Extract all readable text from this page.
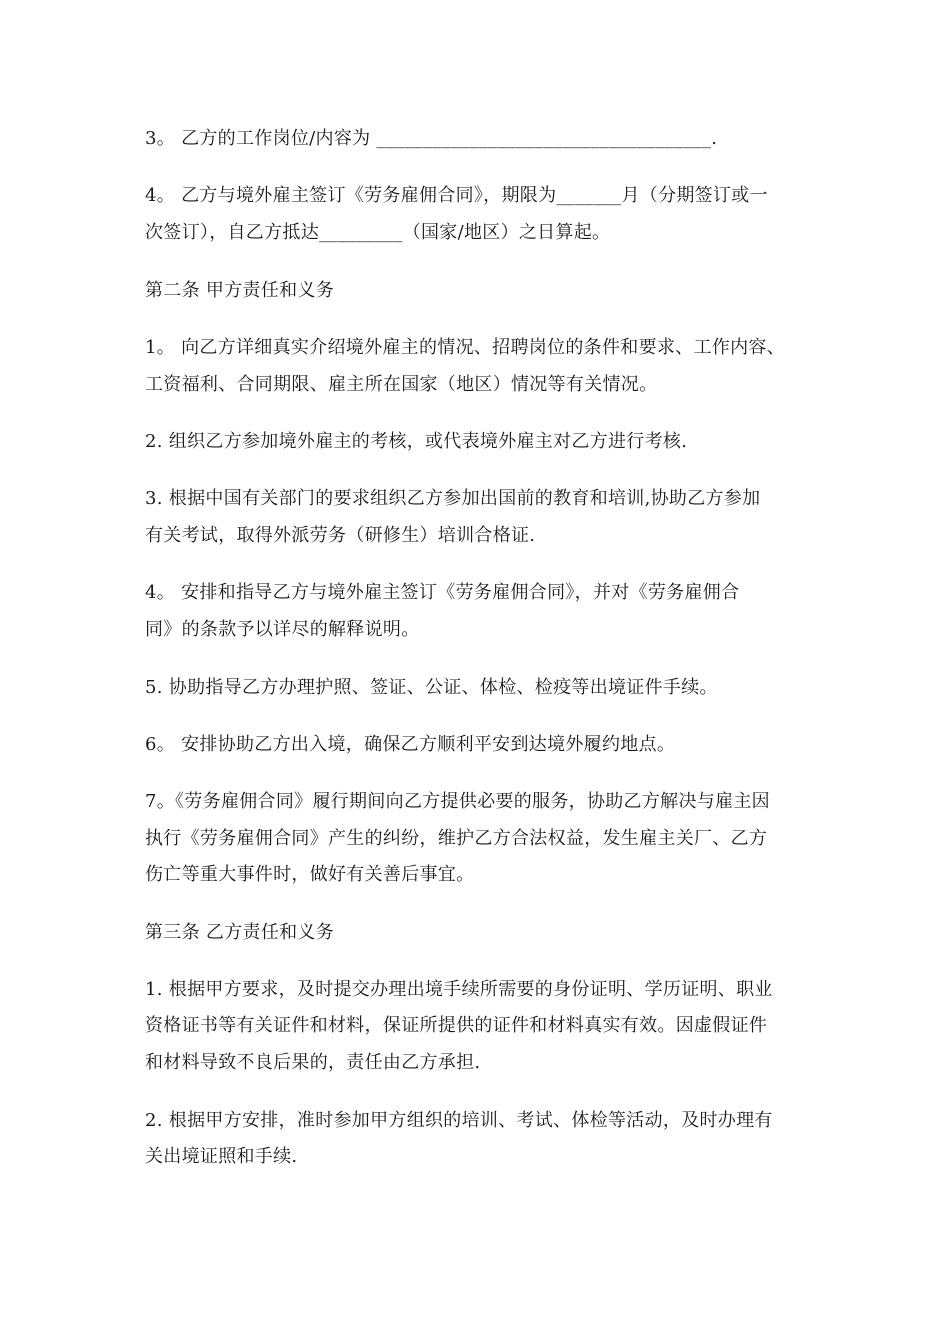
3。 乙方的工作岗位/内容为 ____________________________________.
4。 乙方与境外雇主签订《劳务雇佣合同》，期限为_______月（分期签订或一
次签订），自乙方抵达_________（国家/地区）之日算起。
第二条 甲方责任和义务
1。 向乙方详细真实介绍境外雇主的情况、招聘岗位的条件和要求、工作内容、
工资福利、合同期限、雇主所在国家（地区）情况等有关情况。
2. 组织乙方参加境外雇主的考核，或代表境外雇主对乙方进行考核.
3. 根据中国有关部门的要求组织乙方参加出国前的教育和培训,协助乙方参加
有关考试，取得外派劳务（研修生）培训合格证.
4。 安排和指导乙方与境外雇主签订《劳务雇佣合同》，并对《劳务雇佣合
同》的条款予以详尽的解释说明。
5. 协助指导乙方办理护照、签证、公证、体检、检疫等出境证件手续。
6。 安排协助乙方出入境，确保乙方顺利平安到达境外履约地点。
7。《劳务雇佣合同》履行期间向乙方提供必要的服务，协助乙方解决与雇主因
执行《劳务雇佣合同》产生的纠纷，维护乙方合法权益，发生雇主关厂、乙方
伤亡等重大事件时，做好有关善后事宜。
第三条 乙方责任和义务
1. 根据甲方要求，及时提交办理出境手续所需要的身份证明、学历证明、职业
资格证书等有关证件和材料，保证所提供的证件和材料真实有效。因虚假证件
和材料导致不良后果的，责任由乙方承担.
2. 根据甲方安排，准时参加甲方组织的培训、考试、体检等活动，及时办理有
关出境证照和手续.
